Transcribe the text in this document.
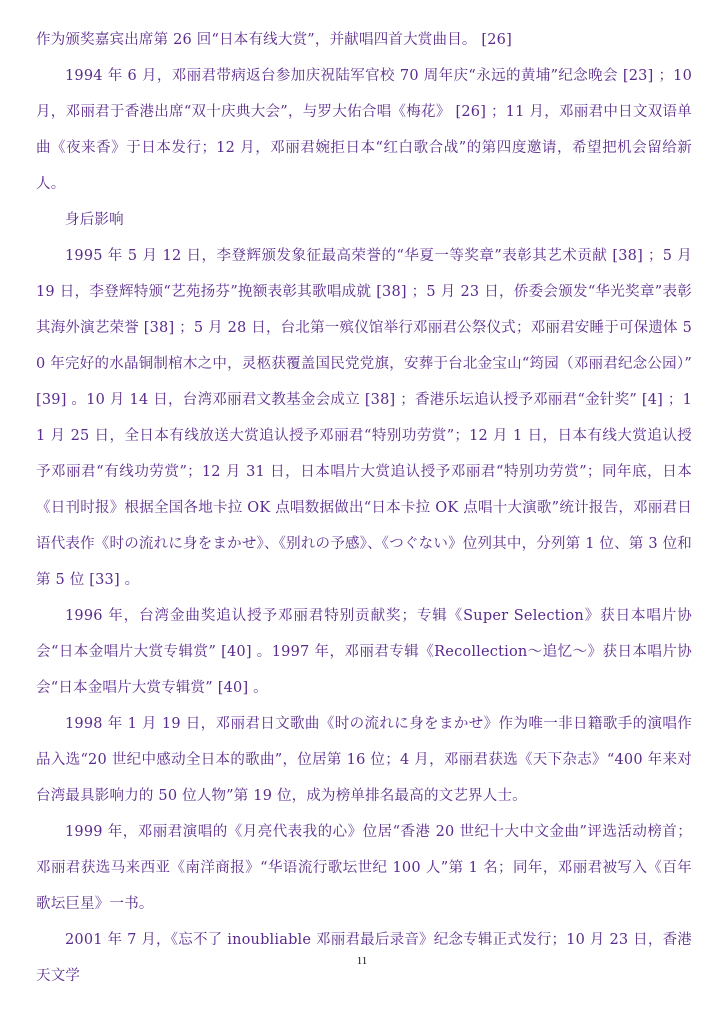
作为颁奖嘉宾出席第 26 回“日本有线大赏”，并献唱四首大赏曲目。 [26]

1994 年 6 月，邓丽君带病返台参加庆祝陆军官校 70 周年庆“永远的黄埔”纪念晚会 [23] ；10 月，邓丽君于香港出席“双十庆典大会”，与罗大佑合唱《梅花》 [26] ；11 月，邓丽君中日文双语单曲《夜来香》于日本发行；12 月，邓丽君婉拒日本“红白歌合战”的第四度邀请，希望把机会留给新人。

身后影响

1995 年 5 月 12 日，李登辉颁发象征最高荣誉的“华夏一等奖章”表彰其艺术贡献 [38] ；5 月 19 日，李登辉特颁“艺苑扬芬”挽额表彰其歌唱成就 [38] ；5 月 23 日，侨委会颁发“华光奖章”表彰其海外演艺荣誉 [38] ；5 月 28 日，台北第一殡仪馆举行邓丽君公祭仪式；邓丽君安睡于可保遗体 50 年完好的水晶铜制棺木之中，灵柩获覆盖国民党党旗，安葬于台北金宝山“筠园（邓丽君纪念公园）” [39] 。10 月 14 日，台湾邓丽君文教基金会成立 [38] ；香港乐坛追认授予邓丽君“金针奖” [4] ；11 月 25 日，全日本有线放送大赏追认授予邓丽君“特别功劳赏”；12 月 1 日，日本有线大赏追认授予邓丽君“有线功劳赏”；12 月 31 日，日本唱片大赏追认授予邓丽君“特别功劳赏”；同年底，日本《日刊时报》根据全国各地卡拉 OK 点唱数据做出“日本卡拉 OK 点唱十大演歌”统计报告，邓丽君日语代表作《时の流れに身をまかせ》、《别れの予感》、《つぐない》位列其中，分列第 1 位、第 3 位和第 5 位 [33] 。

1996 年，台湾金曲奖追认授予邓丽君特别贡献奖；专辑《Super Selection》获日本唱片协会“日本金唱片大赏专辑赏” [40] 。1997 年，邓丽君专辑《Recollection～追忆～》获日本唱片协会“日本金唱片大赏专辑赏” [40] 。

1998 年 1 月 19 日，邓丽君日文歌曲《时の流れに身をまかせ》作为唯一非日籍歌手的演唱作品入选“20 世纪中感动全日本的歌曲”，位居第 16 位；4 月，邓丽君获选《天下杂志》“400 年来对台湾最具影响力的 50 位人物”第 19 位，成为榜单排名最高的文艺界人士。

1999 年，邓丽君演唱的《月亮代表我的心》位居“香港 20 世纪十大中文金曲”评选活动榜首；邓丽君获选马来西亚《南洋商报》“华语流行歌坛世纪 100 人”第 1 名；同年，邓丽君被写入《百年歌坛巨星》一书。

2001 年 7 月，《忘不了 inoubliable 邓丽君最后录音》纪念专辑正式发行；10 月 23 日，香港天文学

11
